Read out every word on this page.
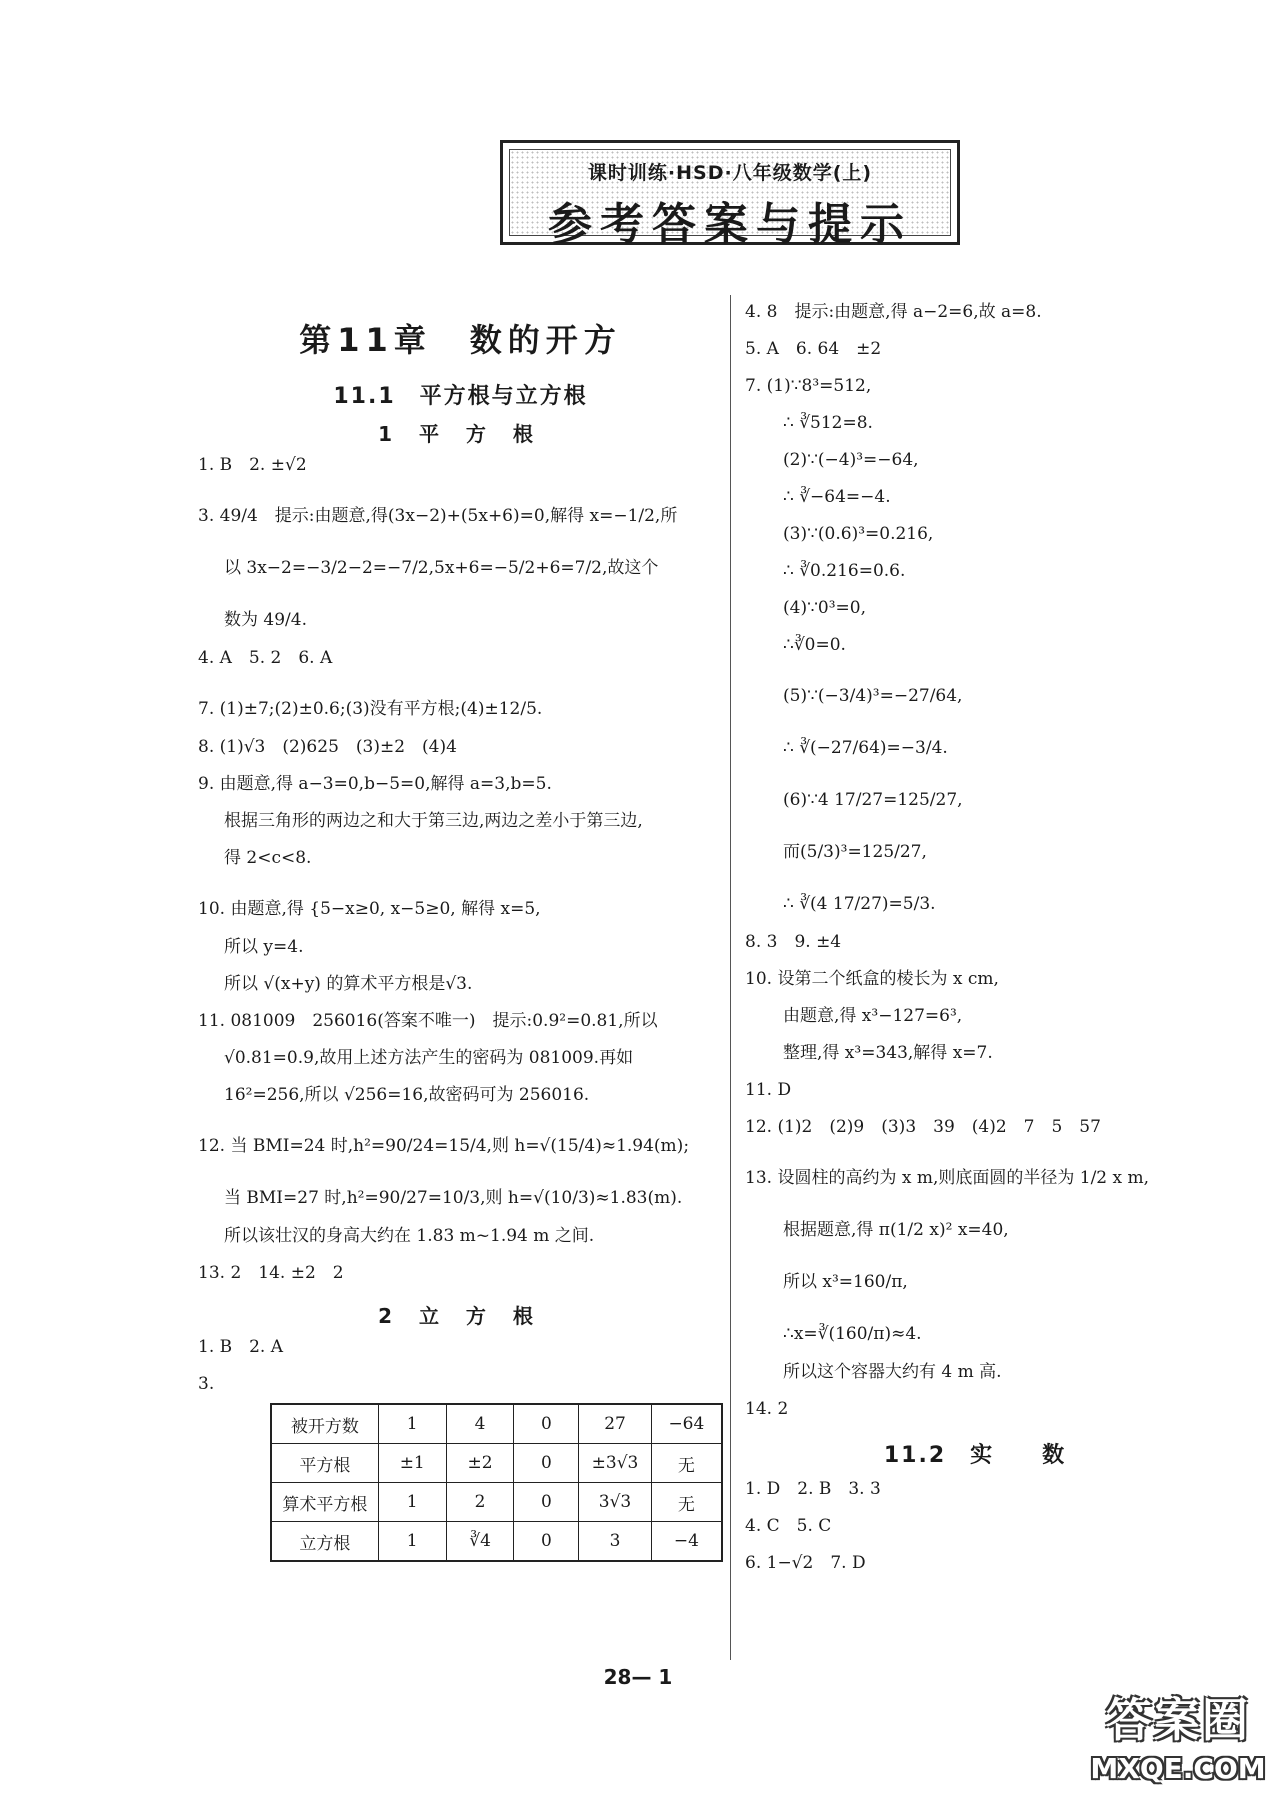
课时训练·HSD·八年级数学(上)
参考答案与提示
第11章　数的开方
11.1　平方根与立方根
1 平 方 根
1. B　2. ±√2
3. 49/4　提示:由题意,得(3x−2)+(5x+6)=0,解得 x=−1/2,所
以 3x−2=−3/2−2=−7/2,5x+6=−5/2+6=7/2,故这个
数为 49/4.
4. A　5. 2　6. A
7. (1)±7;(2)±0.6;(3)没有平方根;(4)±12/5.
8. (1)√3　(2)625　(3)±2　(4)4
9. 由题意,得 a−3=0,b−5=0,解得 a=3,b=5.
根据三角形的两边之和大于第三边,两边之差小于第三边,
得 2<c<8.
10. 由题意,得 {5−x≥0, x−5≥0, 解得 x=5,
所以 y=4.
所以 √(x+y) 的算术平方根是√3.
11. 081009　256016(答案不唯一)　提示:0.9²=0.81,所以
√0.81=0.9,故用上述方法产生的密码为 081009.再如
16²=256,所以 √256=16,故密码可为 256016.
12. 当 BMI=24 时,h²=90/24=15/4,则 h=√(15/4)≈1.94(m);
当 BMI=27 时,h²=90/27=10/3,则 h=√(10/3)≈1.83(m).
所以该壮汉的身高大约在 1.83 m~1.94 m 之间.
13. 2　14. ±2　2
2 立 方 根
1. B　2. A
3.
被开方数	1	4	0	27	−64
平方根	±1	±2	0	±3√3	无
算术平方根	1	2	0	3√3	无
立方根	1	∛4	0	3	−4
4. 8　提示:由题意,得 a−2=6,故 a=8.
5. A　6. 64　±2
7. (1)∵8³=512,
∴ ∛512=8.
(2)∵(−4)³=−64,
∴ ∛−64=−4.
(3)∵(0.6)³=0.216,
∴ ∛0.216=0.6.
(4)∵0³=0,
∴∛0=0.
(5)∵(−3/4)³=−27/64,
∴ ∛(−27/64)=−3/4.
(6)∵4 17/27=125/27,
而(5/3)³=125/27,
∴ ∛(4 17/27)=5/3.
8. 3　9. ±4
10. 设第二个纸盒的棱长为 x cm,
由题意,得 x³−127=6³,
整理,得 x³=343,解得 x=7.
11. D
12. (1)2　(2)9　(3)3　39　(4)2　7　5　57
13. 设圆柱的高约为 x m,则底面圆的半径为 1/2 x m,
根据题意,得 π(1/2 x)² x=40,
所以 x³=160/π,
∴x=∛(160/π)≈4.
所以这个容器大约有 4 m 高.
14. 2
11.2　实　　数
1. D　2. B　3. 3
4. C　5. C
6. 1−√2　7. D
28— 1
答案圈
MXQE.COM
